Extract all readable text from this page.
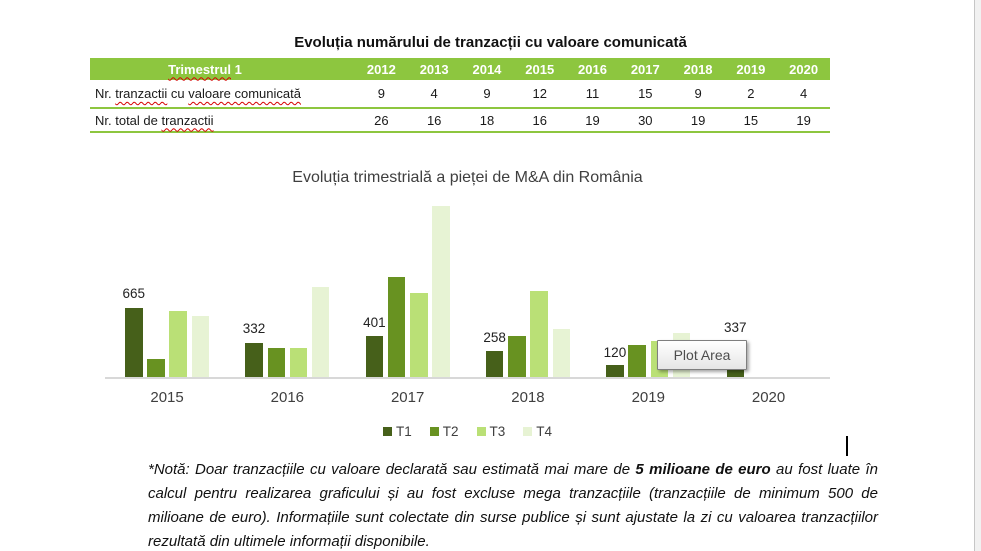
Evoluția numărului de tranzacții cu valoare comunicată
Trimestrul 1	2012	2013	2014	2015	2016	2017	2018	2019	2020
Nr. tranzactii cu valoare comunicată	9	4	9	12	11	15	9	2	4
Nr. total de tranzactii	26	16	18	16	19	30	19	15	19
Evoluția trimestrială a pieței de M&A din România
665
332	401
258
120
337
2015	2016	2017	2018	2019	2020
Plot Area
T1 T2 T3 T4
*Notă: Doar tranzacțiile cu valoare declarată sau estimată mai mare de 5 milioane de euro au fost luate în calcul pentru realizarea graficului și au fost excluse mega tranzacțiile (tranzacțiile de minimum 500 de milioane de euro). Informațiile sunt colectate din surse publice și sunt ajustate la zi cu valoarea tranzacțiilor rezultată din ultimele informații disponibile.
